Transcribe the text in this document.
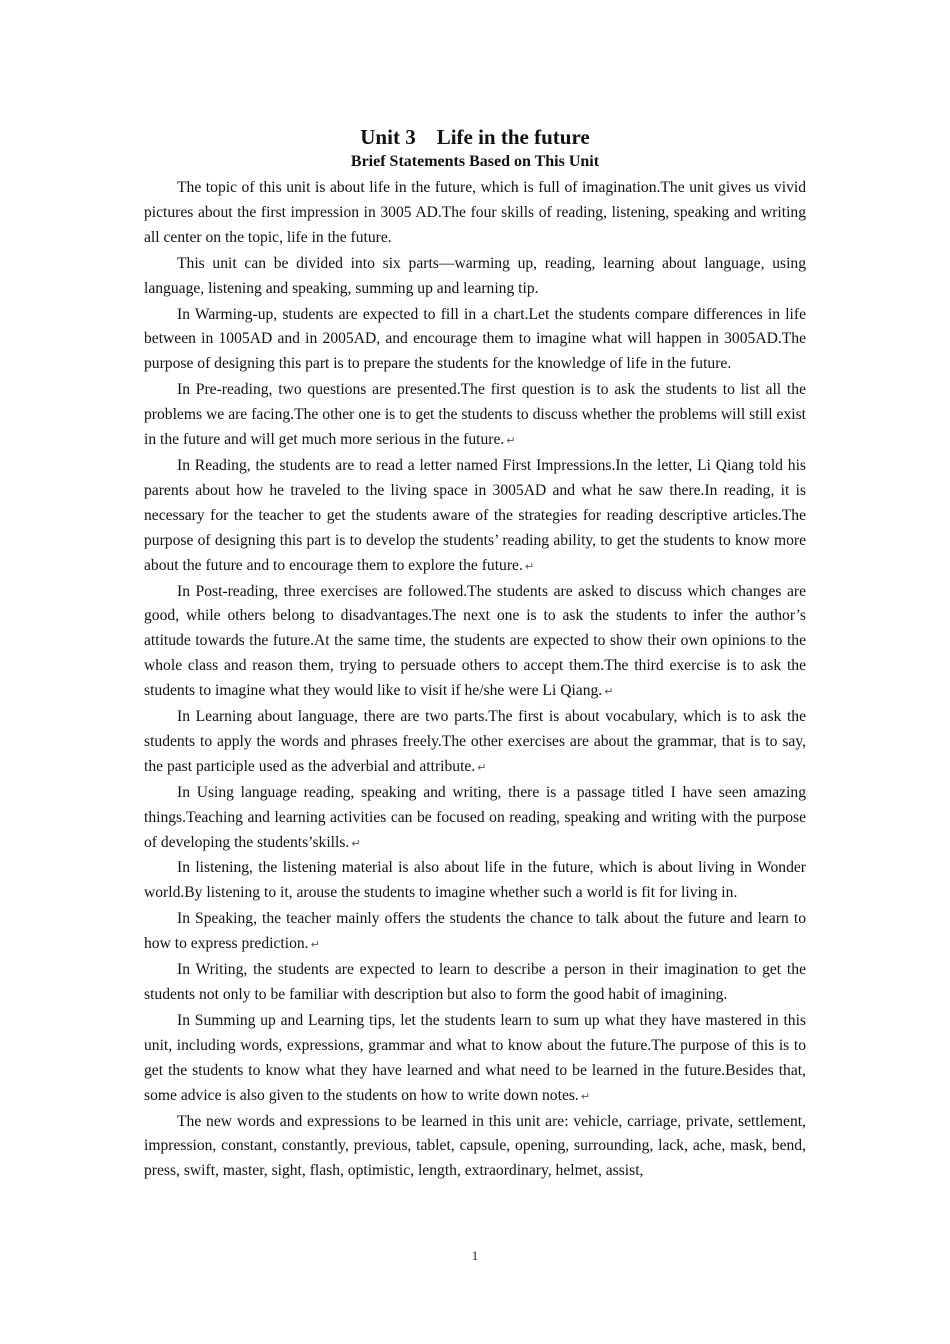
Unit 3    Life in the future
Brief Statements Based on This Unit

The topic of this unit is about life in the future, which is full of imagination.The unit gives us vivid pictures about the first impression in 3005 AD.The four skills of reading, listening, speaking and writing all center on the topic, life in the future.

This unit can be divided into six parts—warming up, reading, learning about language, using language, listening and speaking, summing up and learning tip.

In Warming-up, students are expected to fill in a chart.Let the students compare differences in life between in 1005AD and in 2005AD, and encourage them to imagine what will happen in 3005AD.The purpose of designing this part is to prepare the students for the knowledge of life in the future.

In Pre-reading, two questions are presented.The first question is to ask the students to list all the problems we are facing.The other one is to get the students to discuss whether the problems will still exist in the future and will get much more serious in the future. ↵

In Reading, the students are to read a letter named First Impressions.In the letter, Li Qiang told his parents about how he traveled to the living space in 3005AD and what he saw there.In reading, it is necessary for the teacher to get the students aware of the strategies for reading descriptive articles.The purpose of designing this part is to develop the students’ reading ability, to get the students to know more about the future and to encourage them to explore the future. ↵

In Post-reading, three exercises are followed.The students are asked to discuss which changes are good, while others belong to disadvantages.The next one is to ask the students to infer the author’s attitude towards the future.At the same time, the students are expected to show their own opinions to the whole class and reason them, trying to persuade others to accept them.The third exercise is to ask the students to imagine what they would like to visit if he/she were Li Qiang. ↵

In Learning about language, there are two parts.The first is about vocabulary, which is to ask the students to apply the words and phrases freely.The other exercises are about the grammar, that is to say, the past participle used as the adverbial and attribute. ↵

In Using language reading, speaking and writing, there is a passage titled I have seen amazing things.Teaching and learning activities can be focused on reading, speaking and writing with the purpose of developing the students’skills. ↵

In listening, the listening material is also about life in the future, which is about living in Wonder world.By listening to it, arouse the students to imagine whether such a world is fit for living in.

In Speaking, the teacher mainly offers the students the chance to talk about the future and learn to how to express prediction. ↵

In Writing, the students are expected to learn to describe a person in their imagination to get the students not only to be familiar with description but also to form the good habit of imagining.

In Summing up and Learning tips, let the students learn to sum up what they have mastered in this unit, including words, expressions, grammar and what to know about the future.The purpose of this is to get the students to know what they have learned and what need to be learned in the future.Besides that, some advice is also given to the students on how to write down notes. ↵

The new words and expressions to be learned in this unit are: vehicle, carriage, private, settlement, impression, constant, constantly, previous, tablet, capsule, opening, surrounding, lack, ache, mask, bend, press, swift, master, sight, flash, optimistic, length, extraordinary, helmet, assist,

1
